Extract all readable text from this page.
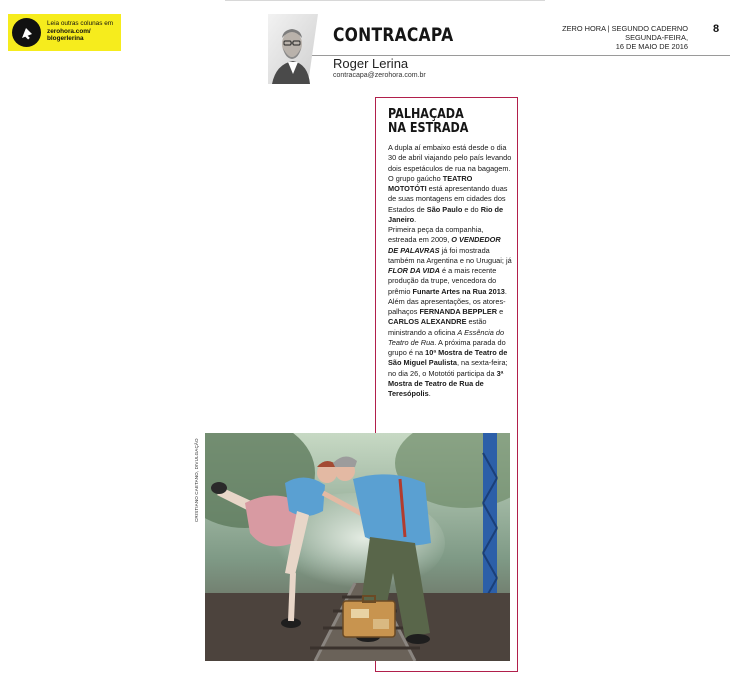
Leia outras colunas em
zerohora.com/
blogerlerina	CONTRACAPA
Roger Lerina
contracapa@zerohora.com.br
ZERO HORA | SEGUNDO CADERNO
SEGUNDA-FEIRA,
16 DE MAIO DE 2016
8
PALHAÇADA
NA ESTRADA

A dupla aí embaixo está desde o dia 30 de abril viajando pelo país levando dois espetáculos de rua na bagagem. O grupo gaúcho TEATRO MOTOTÓTI está apresentando duas de suas montagens em cidades dos Estados de São Paulo e do Rio de Janeiro.

Primeira peça da companhia, estreada em 2009, O VENDEDOR DE PALAVRAS já foi mostrada também na Argentina e no Uruguai; já FLOR DA VIDA é a mais recente produção da trupe, vencedora do prêmio Funarte Artes na Rua 2013.

Além das apresentações, os atores-palhaços FERNANDA BEPPLER e CARLOS ALEXANDRE estão ministrando a oficina A Essência do Teatro de Rua. A próxima parada do grupo é na 10ª Mostra de Teatro de São Miguel Paulista, na sexta-feira; no dia 26, o Mototóti participa da 3ª Mostra de Teatro de Rua de Teresópolis.

CRISTIANO CAETANO, DIVULGAÇÃO
